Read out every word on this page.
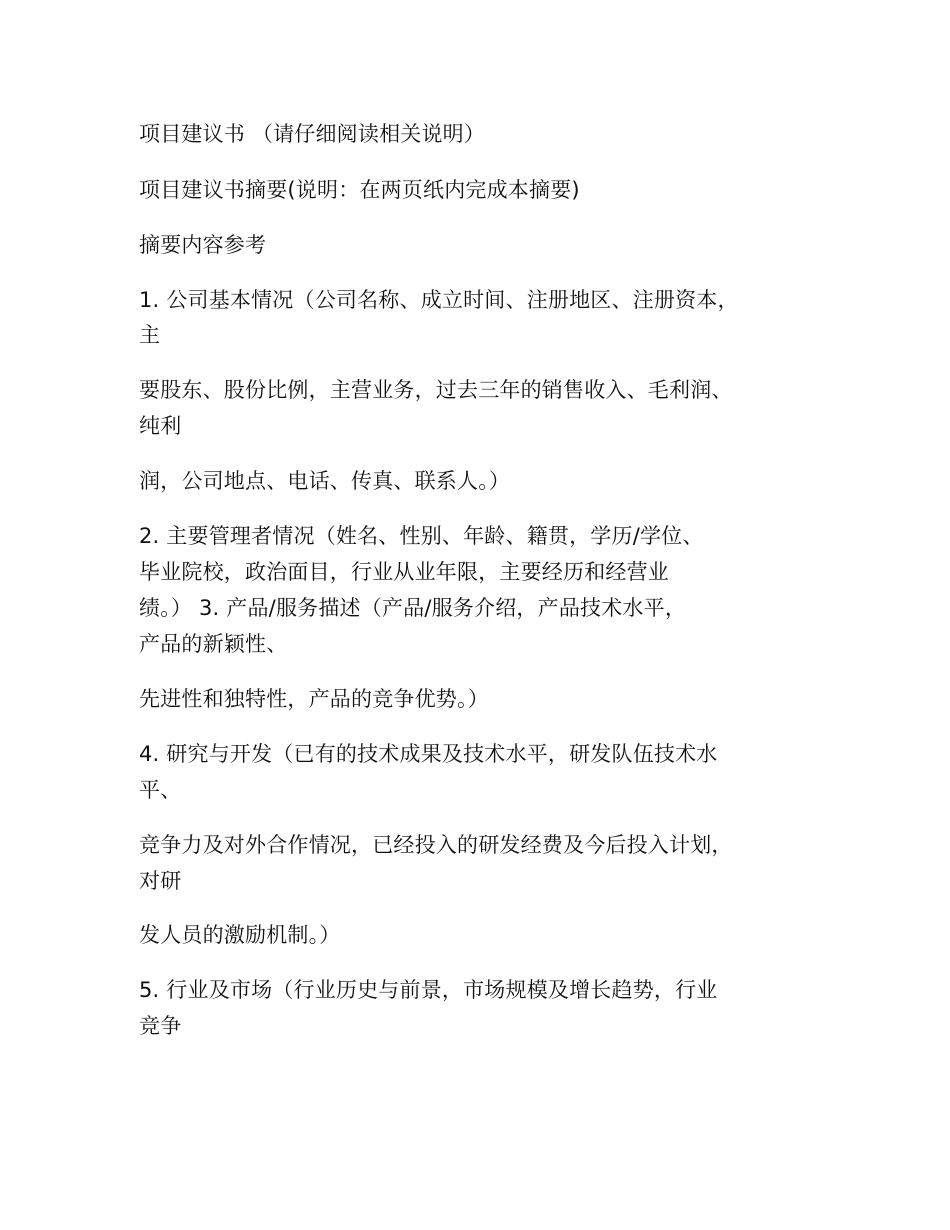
项目建议书 （请仔细阅读相关说明）
项目建议书摘要(说明：在两页纸内完成本摘要)
摘要内容参考
1. 公司基本情况（公司名称、成立时间、注册地区、注册资本，
主
要股东、股份比例，主营业务，过去三年的销售收入、毛利润、
纯利
润，公司地点、电话、传真、联系人。）
2. 主要管理者情况（姓名、性别、年龄、籍贯，学历/学位、
毕业院校，政治面目，行业从业年限，主要经历和经营业
绩。） 3. 产品/服务描述（产品/服务介绍，产品技术水平，
产品的新颖性、
先进性和独特性，产品的竞争优势。）
4. 研究与开发（已有的技术成果及技术水平，研发队伍技术水
平、
竞争力及对外合作情况，已经投入的研发经费及今后投入计划，
对研
发人员的激励机制。）
5. 行业及市场（行业历史与前景，市场规模及增长趋势，行业
竞争
